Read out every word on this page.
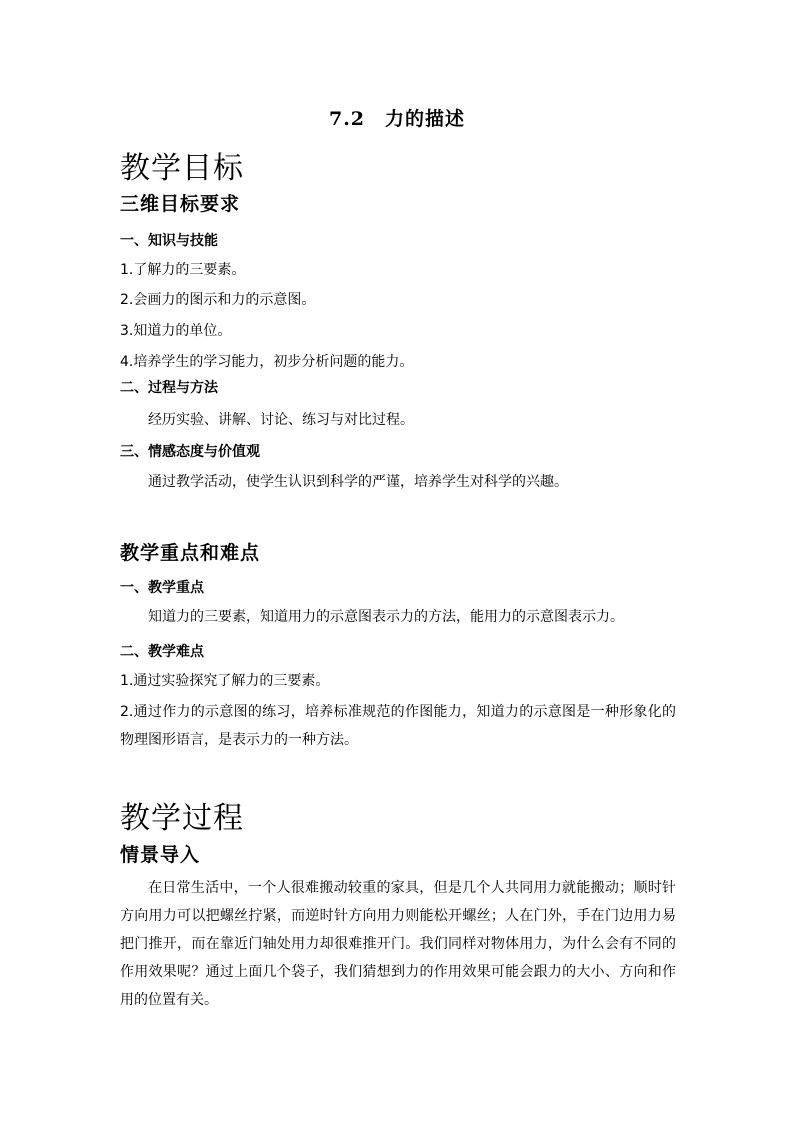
7.2　力的描述
教学目标
三维目标要求
一、知识与技能
1.了解力的三要素。
2.会画力的图示和力的示意图。
3.知道力的单位。
4.培养学生的学习能力，初步分析问题的能力。
二、过程与方法
经历实验、讲解、讨论、练习与对比过程。
三、情感态度与价值观
通过教学活动，使学生认识到科学的严谨，培养学生对科学的兴趣。
教学重点和难点
一、教学重点
知道力的三要素，知道用力的示意图表示力的方法，能用力的示意图表示力。
二、教学难点
1.通过实验探究了解力的三要素。
2.通过作力的示意图的练习，培养标准规范的作图能力，知道力的示意图是一种形象化的物理图形语言，是表示力的一种方法。
教学过程
情景导入
在日常生活中，一个人很难搬动较重的家具，但是几个人共同用力就能搬动；顺时针方向用力可以把螺丝拧紧，而逆时针方向用力则能松开螺丝；人在门外，手在门边用力易把门推开，而在靠近门轴处用力却很难推开门。我们同样对物体用力，为什么会有不同的作用效果呢？通过上面几个袋子，我们猜想到力的作用效果可能会跟力的大小、方向和作用的位置有关。
